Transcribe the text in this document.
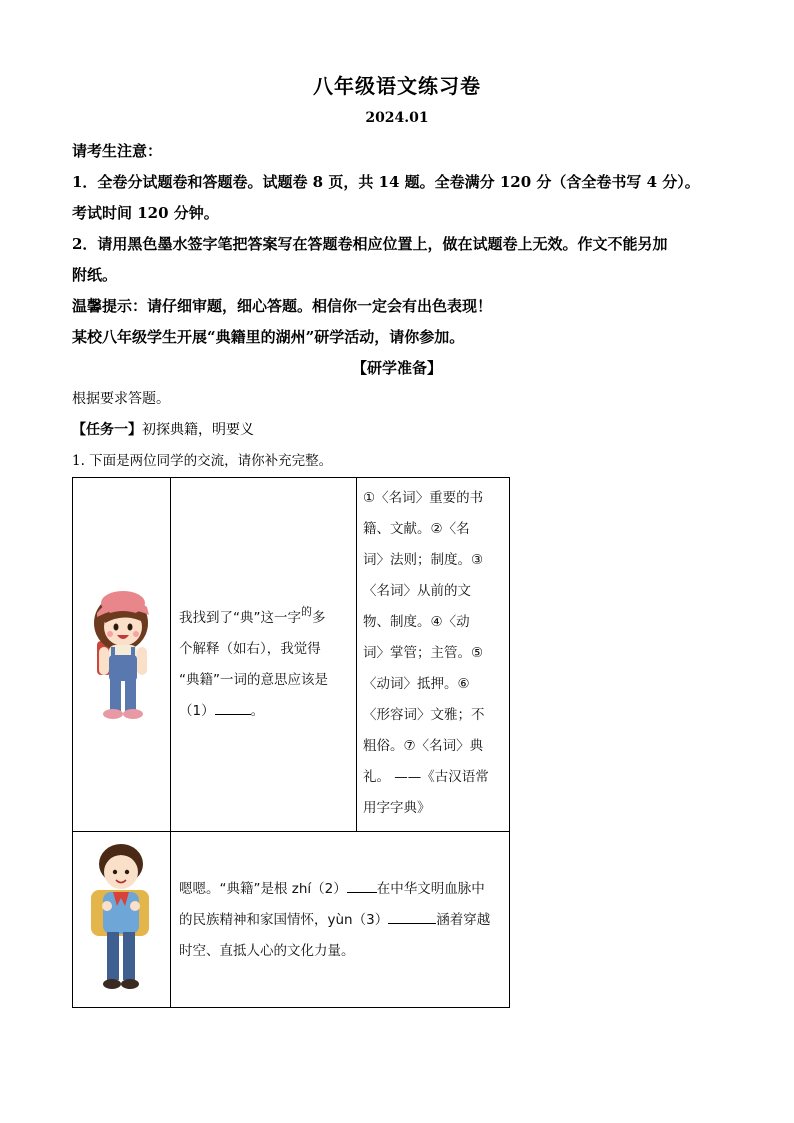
八年级语文练习卷
2024.01
请考生注意：
1．全卷分试题卷和答题卷。试题卷 8 页，共 14 题。全卷满分 120 分（含全卷书写 4 分）。
考试时间 120 分钟。
2．请用黑色墨水签字笔把答案写在答题卷相应位置上，做在试题卷上无效。作文不能另加
附纸。
温馨提示：请仔细审题，细心答题。相信你一定会有出色表现！
某校八年级学生开展“典籍里的湖州”研学活动，请你参加。
【研学准备】
根据要求答题。
【任务一】初探典籍，明要义
1. 下面是两位同学的交流，请你补充完整。
我找到了“典”这一字$^的$多
个解释（如右），我觉得
“典籍”一词的意思应该是
（1）	。
①〈名词〉重要的书
籍、文献。②〈名
词〉法则；制度。③
〈名词〉从前的文
物、制度。④〈动
词〉掌管；主管。⑤
〈动词〉抵押。⑥
〈形容词〉文雅；不
粗俗。⑦〈名词〉典
礼。 ——《古汉语常
用字字典》
嗯嗯。“典籍”是根 zhí（2） 在中华文明血脉中
的民族精神和家国情怀，yùn（3）	涵着穿越
时空、直抵人心的文化力量。
